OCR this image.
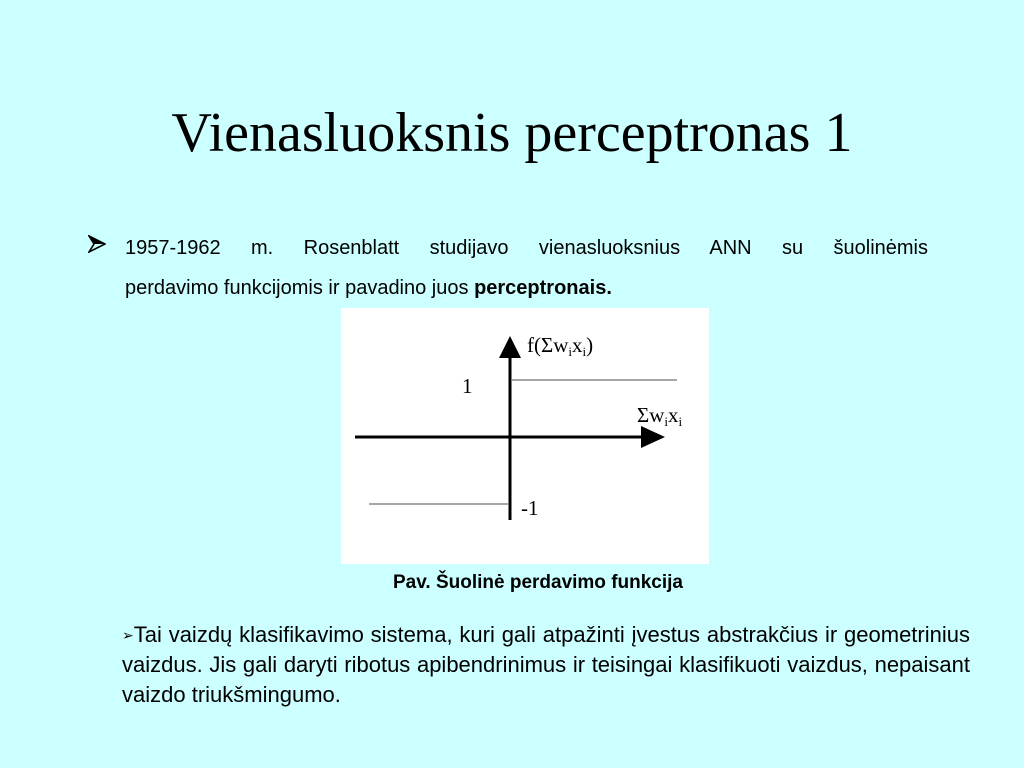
Vienasluoksnis perceptronas 1
1957-1962 m. Rosenblatt studijavo vienasluoksnius ANN su šuolinėmis
perdavimo funkcijomis ir pavadino juos perceptronais.
f(Σwixi)
Σwixi
1
-1
Pav. Šuolinė perdavimo funkcija

➢Tai vaizdų klasifikavimo sistema, kuri gali atpažinti įvestus abstrakčius ir geometrinius vaizdus. Jis gali daryti ribotus apibendrinimus ir teisingai klasifikuoti vaizdus, nepaisant vaizdo triukšmingumo.
